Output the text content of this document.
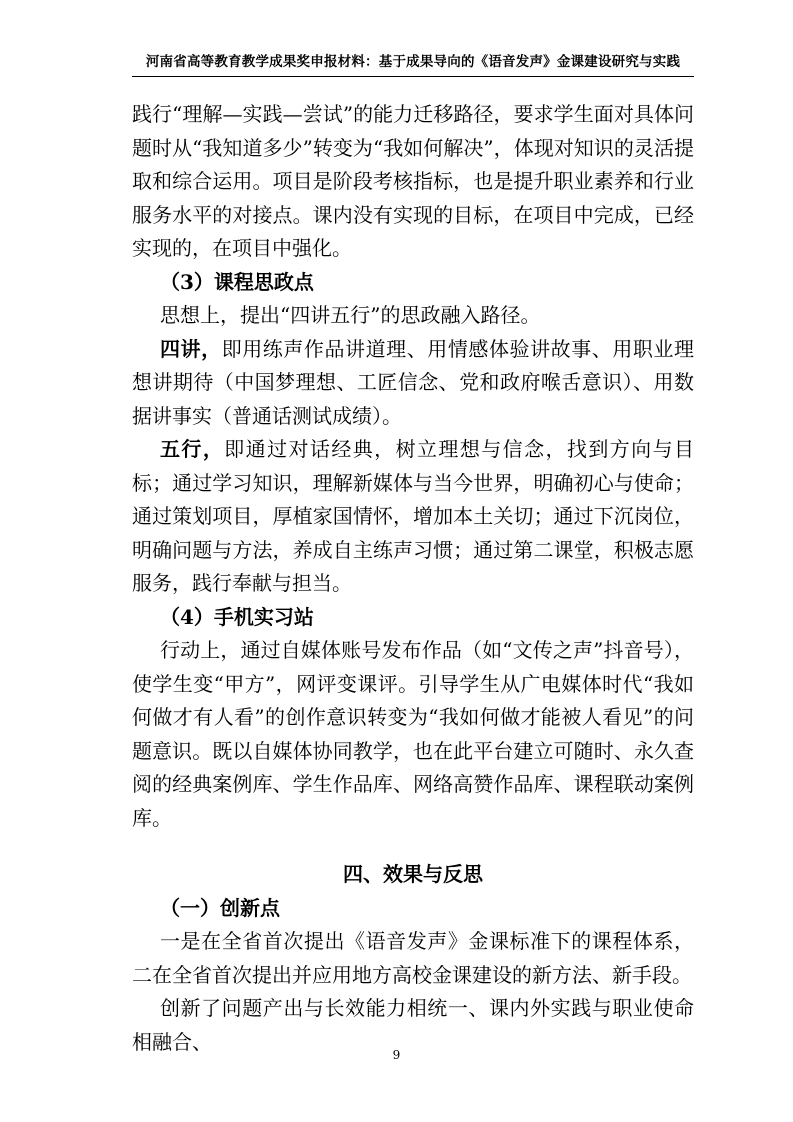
河南省高等教育教学成果奖申报材料：基于成果导向的《语音发声》金课建设研究与实践

践行“理解—实践—尝试”的能力迁移路径，要求学生面对具体问题时从“我知道多少”转变为“我如何解决”，体现对知识的灵活提取和综合运用。项目是阶段考核指标，也是提升职业素养和行业服务水平的对接点。课内没有实现的目标，在项目中完成，已经实现的，在项目中强化。

（3）课程思政点

思想上，提出“四讲五行”的思政融入路径。

四讲，即用练声作品讲道理、用情感体验讲故事、用职业理想讲期待（中国梦理想、工匠信念、党和政府喉舌意识）、用数据讲事实（普通话测试成绩）。

五行，即通过对话经典，树立理想与信念，找到方向与目标；通过学习知识，理解新媒体与当今世界，明确初心与使命；通过策划项目，厚植家国情怀，增加本土关切；通过下沉岗位，明确问题与方法，养成自主练声习惯；通过第二课堂，积极志愿服务，践行奉献与担当。

（4）手机实习站

行动上，通过自媒体账号发布作品（如“文传之声”抖音号），使学生变“甲方”，网评变课评。引导学生从广电媒体时代“我如何做才有人看”的创作意识转变为“我如何做才能被人看见”的问题意识。既以自媒体协同教学，也在此平台建立可随时、永久查阅的经典案例库、学生作品库、网络高赞作品库、课程联动案例库。

四、效果与反思
（一）创新点

一是在全省首次提出《语音发声》金课标准下的课程体系，二在全省首次提出并应用地方高校金课建设的新方法、新手段。

创新了问题产出与长效能力相统一、课内外实践与职业使命相融合、

9
